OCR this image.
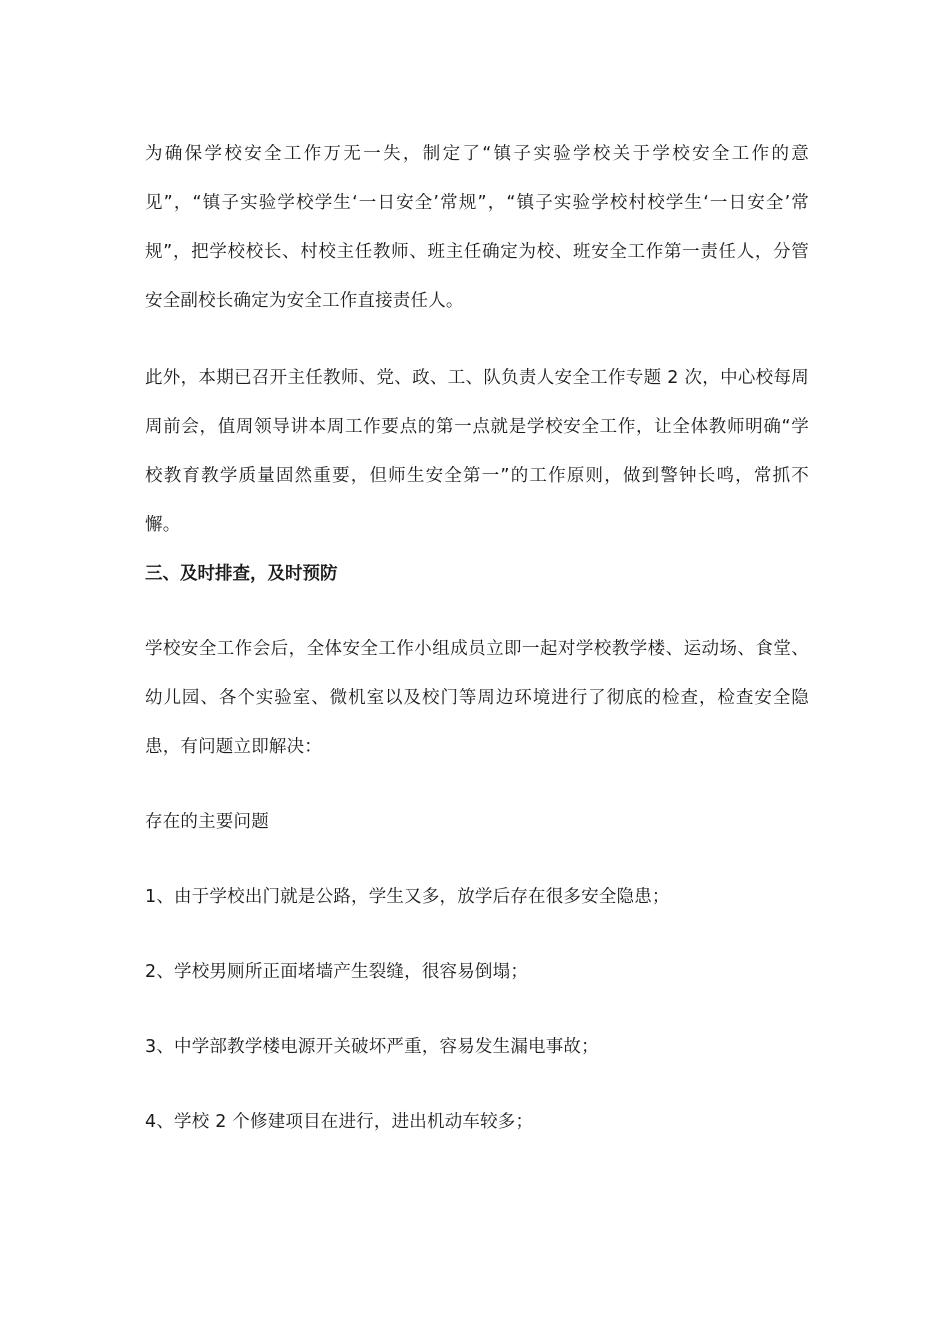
为确保学校安全工作万无一失，制定了“镇子实验学校关于学校安全工作的意见”，“镇子实验学校学生‘一日安全’常规”，“镇子实验学校村校学生‘一日安全’常规”，把学校校长、村校主任教师、班主任确定为校、班安全工作第一责任人，分管安全副校长确定为安全工作直接责任人。

此外，本期已召开主任教师、党、政、工、队负责人安全工作专题 2 次，中心校每周周前会，值周领导讲本周工作要点的第一点就是学校安全工作，让全体教师明确“学校教育教学质量固然重要，但师生安全第一”的工作原则，做到警钟长鸣，常抓不懈。

三、及时排查，及时预防

学校安全工作会后，全体安全工作小组成员立即一起对学校教学楼、运动场、食堂、幼儿园、各个实验室、微机室以及校门等周边环境进行了彻底的检查，检查安全隐患，有问题立即解决：

存在的主要问题

1、由于学校出门就是公路，学生又多，放学后存在很多安全隐患；

2、学校男厕所正面堵墙产生裂缝，很容易倒塌；

3、中学部教学楼电源开关破坏严重，容易发生漏电事故；

4、学校 2 个修建项目在进行，进出机动车较多；
